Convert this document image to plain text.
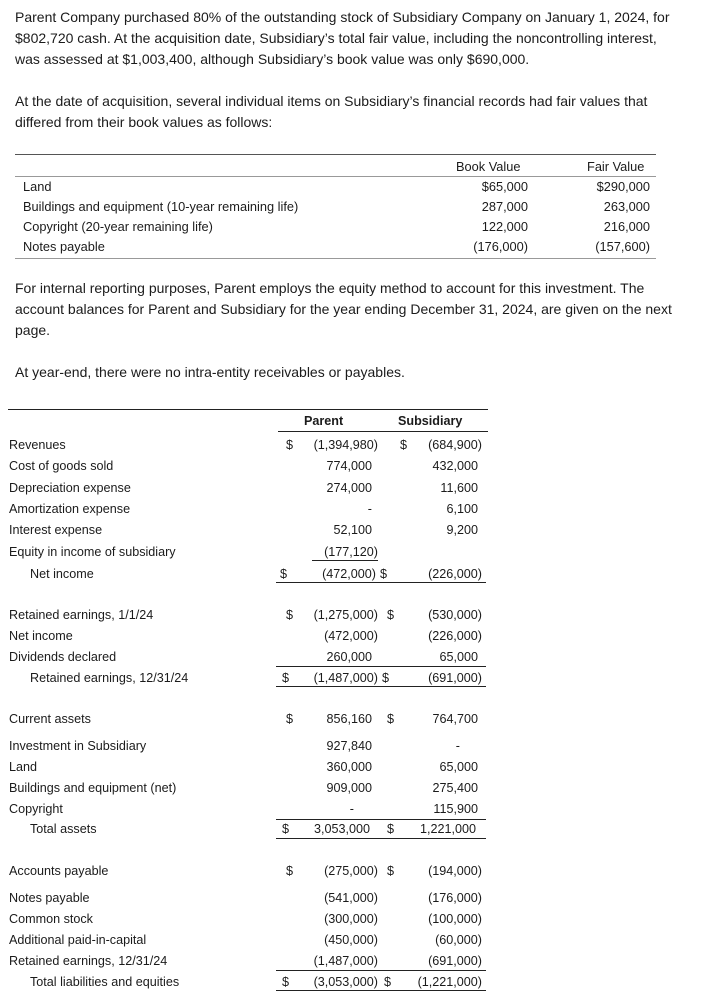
Parent Company purchased 80% of the outstanding stock of Subsidiary Company on January 1, 2024, for
$802,720 cash. At the acquisition date, Subsidiary’s total fair value, including the noncontrolling interest,
was assessed at $1,003,400, although Subsidiary’s book value was only $690,000.
At the date of acquisition, several individual items on Subsidiary’s financial records had fair values that
differed from their book values as follows:
Book Value	Fair Value
Land	$65,000	$290,000
Buildings and equipment (10-year remaining life)	287,000	263,000
Copyright (20-year remaining life)	122,000	216,000
Notes payable	(176,000)	(157,600)
For internal reporting purposes, Parent employs the equity method to account for this investment. The
account balances for Parent and Subsidiary for the year ending December 31, 2024, are given on the next
page.
At year-end, there were no intra-entity receivables or payables.
Parent	Subsidiary
Revenues	$	(1,394,980) $	(684,900)
Cost of goods sold	774,000	432,000
Depreciation expense	274,000	11,600
Amortization expense	-	6,100
Interest expense	52,100	9,200
Equity in income of subsidiary	(177,120)
Net income	$	(472,000) $	(226,000)
Retained earnings, 1/1/24	$	(1,275,000) $	(530,000)
Net income	(472,000)	(226,000)
Dividends declared	260,000	65,000
Retained earnings, 12/31/24	$	(1,487,000) $	(691,000)
Current assets	$	856,160 $	764,700
Investment in Subsidiary	927,840	-
Land	360,000	65,000
Buildings and equipment (net)	909,000	275,400
Copyright	-	115,900
Total assets	$	3,053,000 $	1,221,000
Accounts payable	$	(275,000) $	(194,000)
Notes payable	(541,000)	(176,000)
Common stock	(300,000)	(100,000)
Additional paid-in-capital	(450,000)	(60,000)
Retained earnings, 12/31/24	(1,487,000)	(691,000)
Total liabilities and equities	$	(3,053,000) $	(1,221,000)
